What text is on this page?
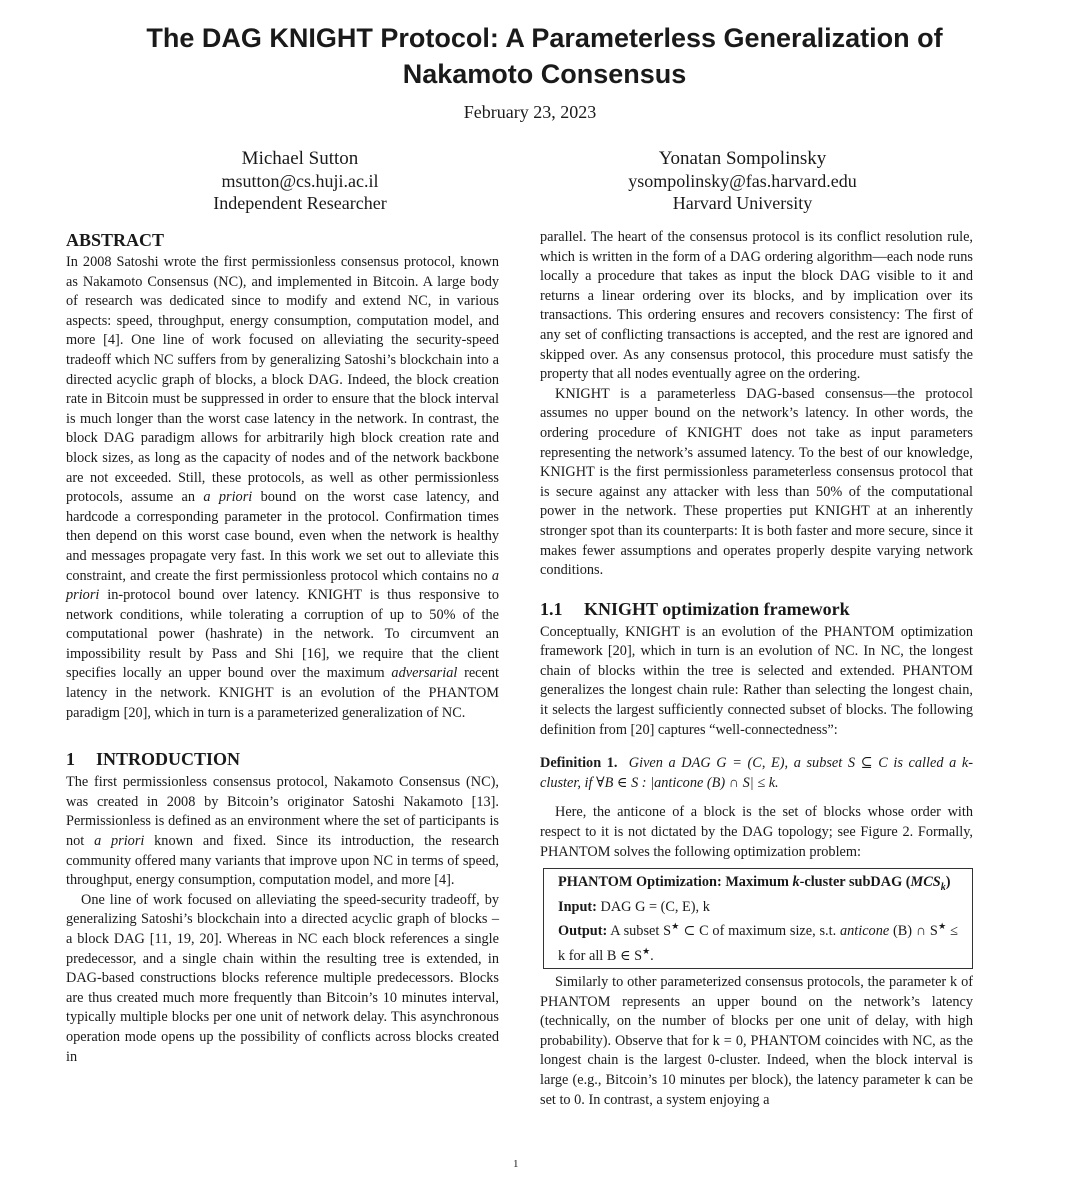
The DAG KNIGHT Protocol: A Parameterless Generalization of
Nakamoto Consensus
February 23, 2023
Michael Sutton
msutton@cs.huji.ac.il
Independent Researcher
Yonatan Sompolinsky
ysompolinsky@fas.harvard.edu
Harvard University
ABSTRACT

In 2008 Satoshi wrote the first permissionless consensus protocol, known as Nakamoto Consensus (NC), and implemented in Bitcoin. A large body of research was dedicated since to modify and extend NC, in various aspects: speed, throughput, energy consumption, computation model, and more [4]. One line of work focused on alleviating the security-speed tradeoff which NC suffers from by generalizing Satoshi’s blockchain into a directed acyclic graph of blocks, a block DAG. Indeed, the block creation rate in Bitcoin must be suppressed in order to ensure that the block interval is much longer than the worst case latency in the network. In contrast, the block DAG paradigm allows for arbitrarily high block creation rate and block sizes, as long as the capacity of nodes and of the network backbone are not exceeded. Still, these protocols, as well as other permissionless protocols, assume an a priori bound on the worst case latency, and hardcode a corresponding parameter in the protocol. Confirmation times then depend on this worst case bound, even when the network is healthy and messages propagate very fast. In this work we set out to alleviate this constraint, and create the first permissionless protocol which contains no a priori in-protocol bound over latency. KNIGHT is thus responsive to network conditions, while tolerating a corruption of up to 50% of the computational power (hashrate) in the network. To circumvent an impossibility result by Pass and Shi [16], we require that the client specifies locally an upper bound over the maximum adversarial recent latency in the network. KNIGHT is an evolution of the PHANTOM paradigm [20], which in turn is a parameterized generalization of NC.

1 INTRODUCTION

The first permissionless consensus protocol, Nakamoto Consensus (NC), was created in 2008 by Bitcoin’s originator Satoshi Nakamoto [13]. Permissionless is defined as an environment where the set of participants is not a priori known and fixed. Since its introduction, the research community offered many variants that improve upon NC in terms of speed, throughput, energy consumption, computation model, and more [4].

One line of work focused on alleviating the speed-security tradeoff, by generalizing Satoshi’s blockchain into a directed acyclic graph of blocks – a block DAG [11, 19, 20]. Whereas in NC each block references a single predecessor, and a single chain within the resulting tree is extended, in DAG-based constructions blocks reference multiple predecessors. Blocks are thus created much more frequently than Bitcoin’s 10 minutes interval, typically multiple blocks per one unit of network delay. This asynchronous operation mode opens up the possibility of conflicts across blocks created in

parallel. The heart of the consensus protocol is its conflict resolution rule, which is written in the form of a DAG ordering algorithm—each node runs locally a procedure that takes as input the block DAG visible to it and returns a linear ordering over its blocks, and by implication over its transactions. This ordering ensures and recovers consistency: The first of any set of conflicting transactions is accepted, and the rest are ignored and skipped over. As any consensus protocol, this procedure must satisfy the property that all nodes eventually agree on the ordering.

KNIGHT is a parameterless DAG-based consensus—the protocol assumes no upper bound on the network’s latency. In other words, the ordering procedure of KNIGHT does not take as input parameters representing the network’s assumed latency. To the best of our knowledge, KNIGHT is the first permissionless parameterless consensus protocol that is secure against any attacker with less than 50% of the computational power in the network. These properties put KNIGHT at an inherently stronger spot than its counterparts: It is both faster and more secure, since it makes fewer assumptions and operates properly despite varying network conditions.

1.1 KNIGHT optimization framework

Conceptually, KNIGHT is an evolution of the PHANTOM optimization framework [20], which in turn is an evolution of NC. In NC, the longest chain of blocks within the tree is selected and extended. PHANTOM generalizes the longest chain rule: Rather than selecting the longest chain, it selects the largest sufficiently connected subset of blocks. The following definition from [20] captures “well-connectedness”:

Definition 1. Given a DAG G = (C, E), a subset S ⊆ C is called a k-cluster, if ∀B ∈ S : |anticone (B) ∩ S| ≤ k.

Here, the anticone of a block is the set of blocks whose order with respect to it is not dictated by the DAG topology; see Figure 2. Formally, PHANTOM solves the following optimization problem:

PHANTOM Optimization: Maximum k-cluster subDAG $(MCS_k)$
Input: DAG G = (C, E), k
Output: A subset S★ ⊂ C of maximum size, s.t. anticone (B) ∩ S★ ≤ k for all B ∈ S★.

Similarly to other parameterized consensus protocols, the parameter k of PHANTOM represents an upper bound on the network’s latency (technically, on the number of blocks per one unit of delay, with high probability). Observe that for k = 0, PHANTOM coincides with NC, as the longest chain is the largest 0-cluster. Indeed, when the block interval is large (e.g., Bitcoin’s 10 minutes per block), the latency parameter k can be set to 0. In contrast, a system enjoying a

1
